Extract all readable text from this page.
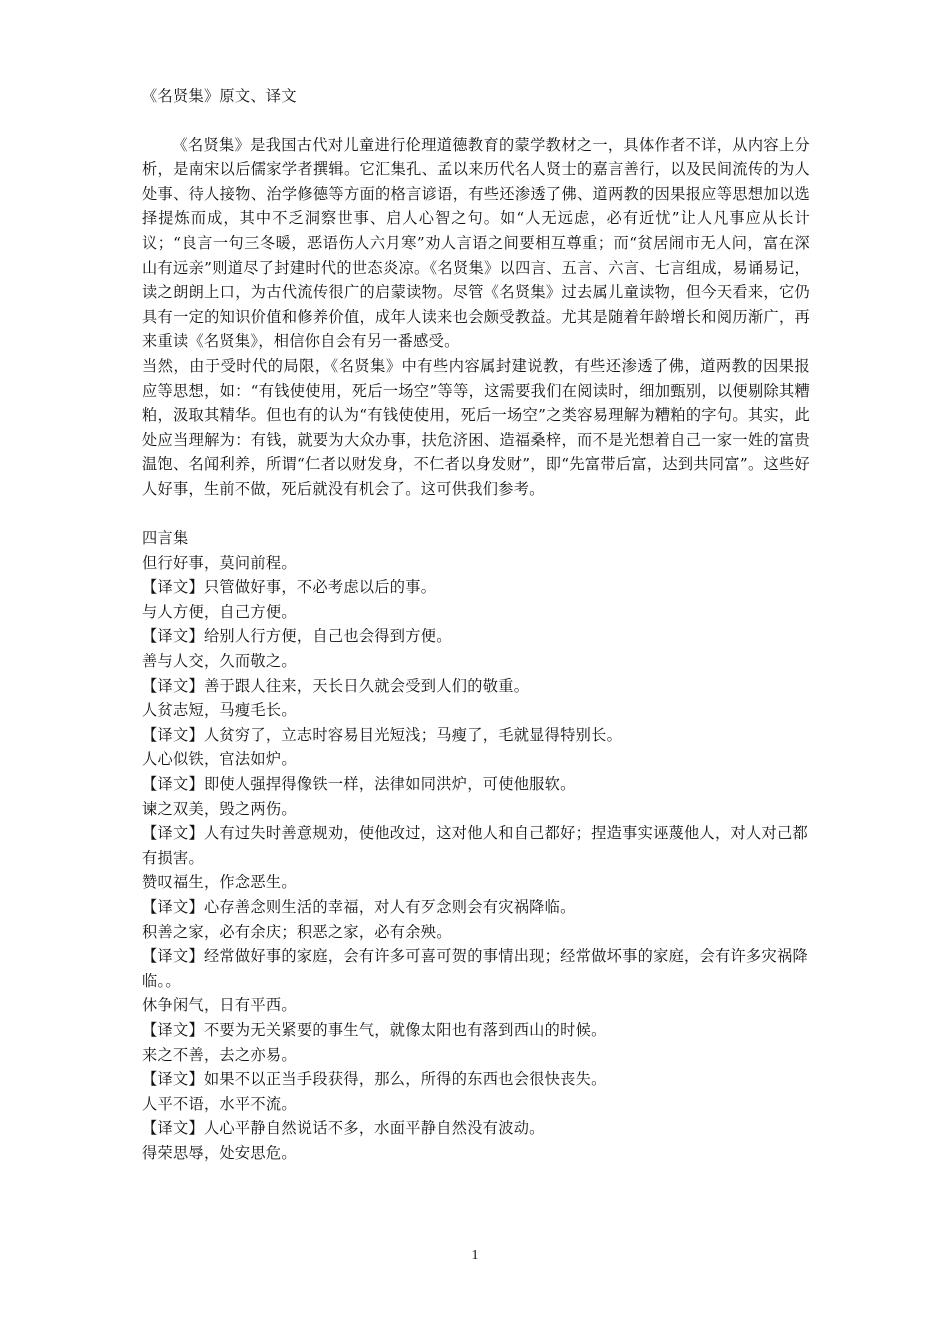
《名贤集》原文、译文

《名贤集》是我国古代对儿童进行伦理道德教育的蒙学教材之一，具体作者不详，从内容上分析，是南宋以后儒家学者撰辑。它汇集孔、孟以来历代名人贤士的嘉言善行，以及民间流传的为人处事、待人接物、治学修德等方面的格言谚语，有些还渗透了佛、道两教的因果报应等思想加以选择提炼而成，其中不乏洞察世事、启人心智之句。如“人无远虑，必有近忧”让人凡事应从长计议；“良言一句三冬暖，恶语伤人六月寒”劝人言语之间要相互尊重；而“贫居闹市无人问，富在深山有远亲”则道尽了封建时代的世态炎凉。《名贤集》以四言、五言、六言、七言组成，易诵易记，读之朗朗上口，为古代流传很广的启蒙读物。尽管《名贤集》过去属儿童读物，但今天看来，它仍具有一定的知识价值和修养价值，成年人读来也会颇受教益。尤其是随着年龄增长和阅历渐广，再来重读《名贤集》，相信你自会有另一番感受。

当然，由于受时代的局限，《名贤集》中有些内容属封建说教，有些还渗透了佛，道两教的因果报应等思想，如：“有钱使使用，死后一场空”等等，这需要我们在阅读时，细加甄别，以便剔除其糟粕，汲取其精华。但也有的认为“有钱使使用，死后一场空”之类容易理解为糟粕的字句。其实，此处应当理解为：有钱，就要为大众办事，扶危济困、造福桑梓，而不是光想着自己一家一姓的富贵温饱、名闻利养，所谓“仁者以财发身，不仁者以身发财”，即“先富带后富，达到共同富”。这些好人好事，生前不做，死后就没有机会了。这可供我们参考。

四言集

但行好事，莫问前程。

【译文】只管做好事，不必考虑以后的事。

与人方便，自己方便。

【译文】给别人行方便，自己也会得到方便。

善与人交，久而敬之。

【译文】善于跟人往来，天长日久就会受到人们的敬重。

人贫志短，马瘦毛长。

【译文】人贫穷了，立志时容易目光短浅；马瘦了，毛就显得特别长。

人心似铁，官法如炉。

【译文】即使人强捍得像铁一样，法律如同洪炉，可使他服软。

谏之双美，毁之两伤。

【译文】人有过失时善意规劝，使他改过，这对他人和自己都好；捏造事实诬蔑他人，对人对己都有损害。

赞叹福生，作念恶生。

【译文】心存善念则生活的幸福，对人有歹念则会有灾祸降临。

积善之家，必有余庆；积恶之家，必有余殃。

【译文】经常做好事的家庭，会有许多可喜可贺的事情出现；经常做坏事的家庭，会有许多灾祸降临。。

休争闲气，日有平西。

【译文】不要为无关紧要的事生气，就像太阳也有落到西山的时候。

来之不善，去之亦易。

【译文】如果不以正当手段获得，那么，所得的东西也会很快丧失。

人平不语，水平不流。

【译文】人心平静自然说话不多，水面平静自然没有波动。

得荣思辱，处安思危。

1
